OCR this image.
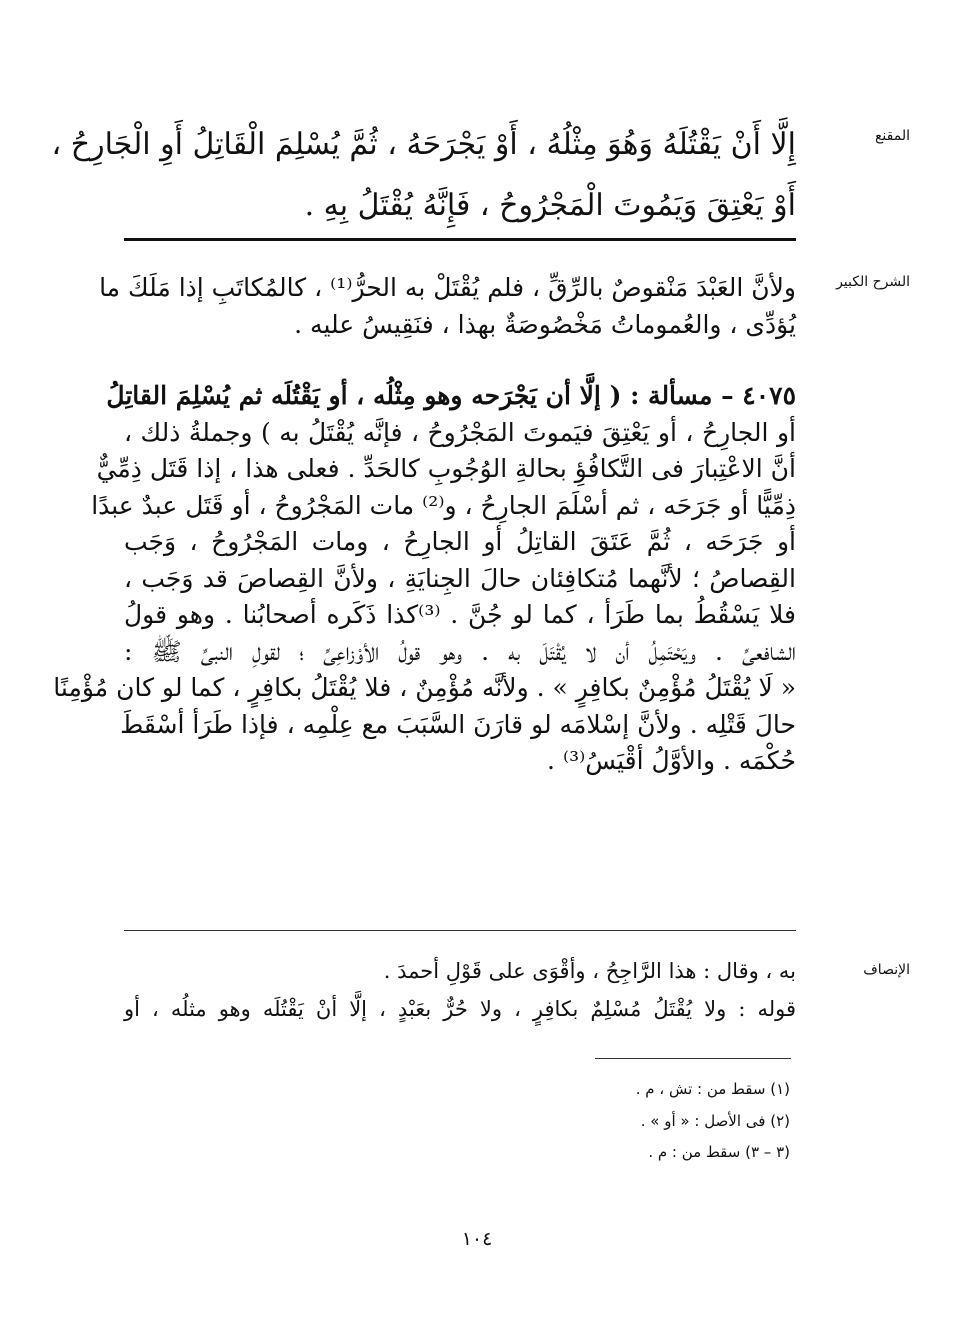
المقنع
إِلَّا أَنْ يَقْتُلَهُ وَهُوَ مِثْلُهُ ، أَوْ يَجْرَحَهُ ، ثُمَّ يُسْلِمَ الْقَاتِلُ أَوِ الْجَارِحُ ،
أَوْ يَعْتِقَ وَيَمُوتَ الْمَجْرُوحُ ، فَإِنَّهُ يُقْتَلُ بِهِ .
الشرح الكبير
ولأنَّ العَبْدَ مَنْقوصٌ بالرِّقِّ ، فلم يُقْتَلْ به الحرُّ⁽¹⁾ ، كالمُكاتَبِ إذا مَلَكَ ما
يُؤدِّى ، والعُموماتُ مَخْصُوصَةٌ بهذا ، فنَقِيسُ عليه .
٤٠٧٥ – مسألة : ( إلَّا أن يَجْرَحه وهو مِثْلُه ، أو يَقْتُلَه ثم يُسْلِمَ القاتِلُ
أو الجارِحُ ، أو يَعْتِقَ فيَموتَ المَجْرُوحُ ، فإنَّه يُقْتَلُ به ) وجملةُ ذلك ،
أنَّ الاعْتِبارَ فى التَّكافُؤِ بحالةِ الوُجُوبِ كالحَدِّ . فعلى هذا ، إذا قَتَل ذِمِّيٌّ
ذِمِّيًّا أو جَرَحَه ، ثم أسْلَمَ الجارِحُ ، و⁽²⁾ مات المَجْرُوحُ ، أو قَتَل عبدٌ عبدًا
أو جَرَحَه ، ثُمَّ عَتَقَ القاتِلُ أو الجارِحُ ، ومات المَجْرُوحُ ، وَجَب
القِصاصُ ؛ لأنَّهما مُتكافِئان حالَ الجِنايَةِ ، ولأنَّ القِصاصَ قد وَجَب ،
فلا يَسْقُطُ بما طَرَأ ، كما لو جُنَّ . ⁽³⁾كذا ذَكَره أصحابُنا . وهو قولُ
الشافعىِّ . ويَحْتَمِلُ أن لا يُقْتَلَ به . وهو قولُ الأوْزاعِىِّ ؛ لقولِ النبىِّ ﷺ :
« لَا يُقْتَلُ مُؤْمِنٌ بكافِرٍ » . ولأنَّه مُؤْمِنٌ ، فلا يُقْتَلُ بكافِرٍ ، كما لو كان مُؤْمِنًا
حالَ قَتْلِه . ولأنَّ إسْلامَه لو قارَنَ السَّبَبَ مع عِلْمِه ، فإذا طَرَأ أسْقَطَ
حُكْمَه . والأوَّلُ أقْيَسُ⁽³⁾ .
الإنصاف
به ، وقال : هذا الرَّاجِحُ ، وأقْوَى على قَوْلِ أحمدَ .
قوله : ولا يُقْتَلُ مُسْلِمٌ بكافِرٍ ، ولا حُرٌّ بعَبْدٍ ، إلَّا أنْ يَقْتُلَه وهو مثلُه ، أو
(١) سقط من : تش ، م .
(٢) فى الأصل : « أو » .
(٣ – ٣) سقط من : م .
١٠٤
